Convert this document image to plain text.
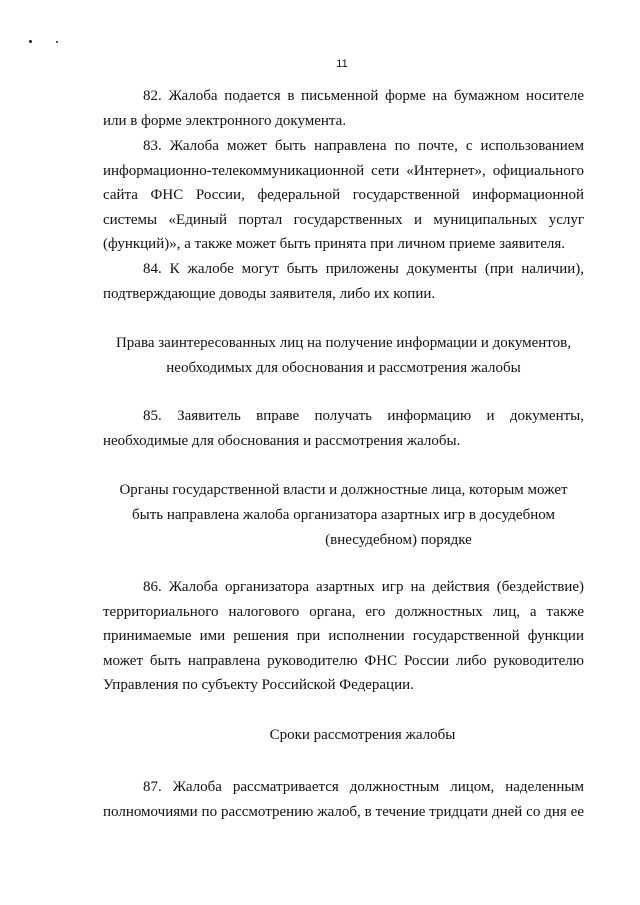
11

82. Жалоба подается в письменной форме на бумажном носителе или в форме электронного документа.

83. Жалоба может быть направлена по почте, с использованием информационно-телекоммуникационной сети «Интернет», официального сайта ФНС России, федеральной государственной информационной системы «Единый портал государственных и муниципальных услуг (функций)», а также может быть принята при личном приеме заявителя.

84. К жалобе могут быть приложены документы (при наличии), подтверждающие доводы заявителя, либо их копии.

Права заинтересованных лиц на получение информации и документов,
необходимых для обоснования и рассмотрения жалобы
85. Заявитель вправе получать информацию и документы,
необходимые для обоснования и рассмотрения жалобы.
Органы государственной власти и должностные лица, которым может
быть направлена жалоба организатора азартных игр в досудебном
(внесудебном) порядке

86. Жалоба организатора азартных игр на действия (бездействие) территориального налогового органа, его должностных лиц, а также принимаемые ими решения при исполнении государственной функции может быть направлена руководителю ФНС России либо руководителю Управления по субъекту Российской Федерации.

Сроки рассмотрения жалобы

87. Жалоба рассматривается должностным лицом, наделенным полномочиями по рассмотрению жалоб, в течение тридцати дней со дня ее
